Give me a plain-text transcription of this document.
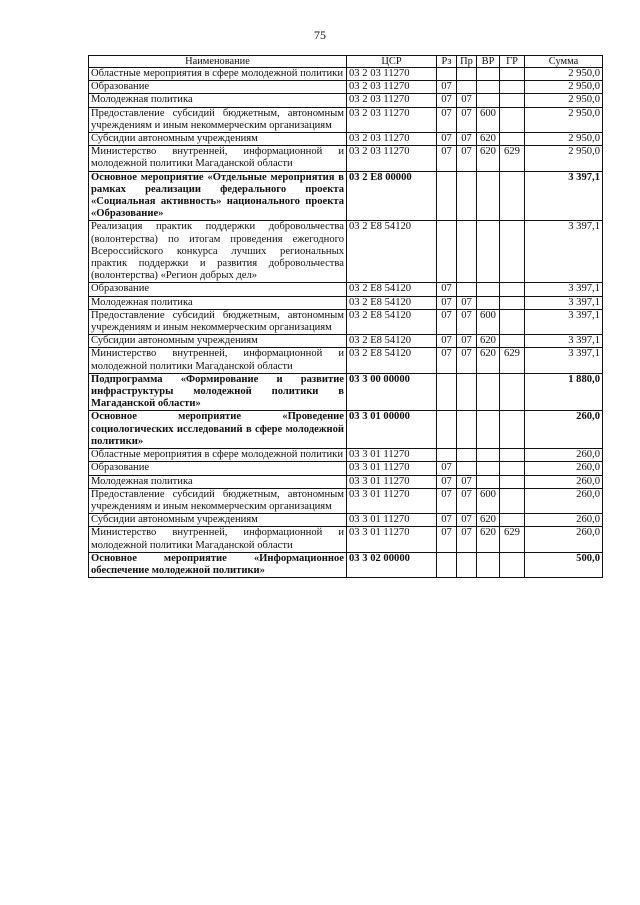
75
Наименование	ЦСР	Рз	Пр	ВР	ГР	Сумма
Областные мероприятия в сфере молодежной политики	03 2 03 11270					2 950,0
Образование	03 2 03 11270	07				2 950,0
Молодежная политика	03 2 03 11270	07	07			2 950,0
Предоставление субсидий бюджетным, автономным учреждениям и иным некоммерческим организациям	03 2 03 11270	07	07	600		2 950,0
Субсидии автономным учреждениям	03 2 03 11270	07	07	620		2 950,0
Министерство внутренней, информационной и молодежной политики Магаданской области	03 2 03 11270	07	07	620	629	2 950,0
Основное мероприятие «Отдельные мероприятия в рамках реализации федерального проекта «Социальная активность» национального проекта «Образование»	03 2 E8 00000					3 397,1
Реализация практик поддержки добровольчества (волонтерства) по итогам проведения ежегодного Всероссийского конкурса лучших региональных практик поддержки и развития добровольчества (волонтерства) «Регион добрых дел»	03 2 E8 54120					3 397,1
Образование	03 2 E8 54120	07				3 397,1
Молодежная политика	03 2 E8 54120	07	07			3 397,1
Предоставление субсидий бюджетным, автономным учреждениям и иным некоммерческим организациям	03 2 E8 54120	07	07	600		3 397,1
Субсидии автономным учреждениям	03 2 E8 54120	07	07	620		3 397,1
Министерство внутренней, информационной и молодежной политики Магаданской области	03 2 E8 54120	07	07	620	629	3 397,1
Подпрограмма «Формирование и развитие инфраструктуры молодежной политики в Магаданской области»	03 3 00 00000					1 880,0
Основное мероприятие «Проведение социологических исследований в сфере молодежной политики»	03 3 01 00000					260,0
Областные мероприятия в сфере молодежной политики	03 3 01 11270					260,0
Образование	03 3 01 11270	07				260,0
Молодежная политика	03 3 01 11270	07	07			260,0
Предоставление субсидий бюджетным, автономным учреждениям и иным некоммерческим организациям	03 3 01 11270	07	07	600		260,0
Субсидии автономным учреждениям	03 3 01 11270	07	07	620		260,0
Министерство внутренней, информационной и молодежной политики Магаданской области	03 3 01 11270	07	07	620	629	260,0
Основное мероприятие «Информационное обеспечение молодежной политики»	03 3 02 00000					500,0
